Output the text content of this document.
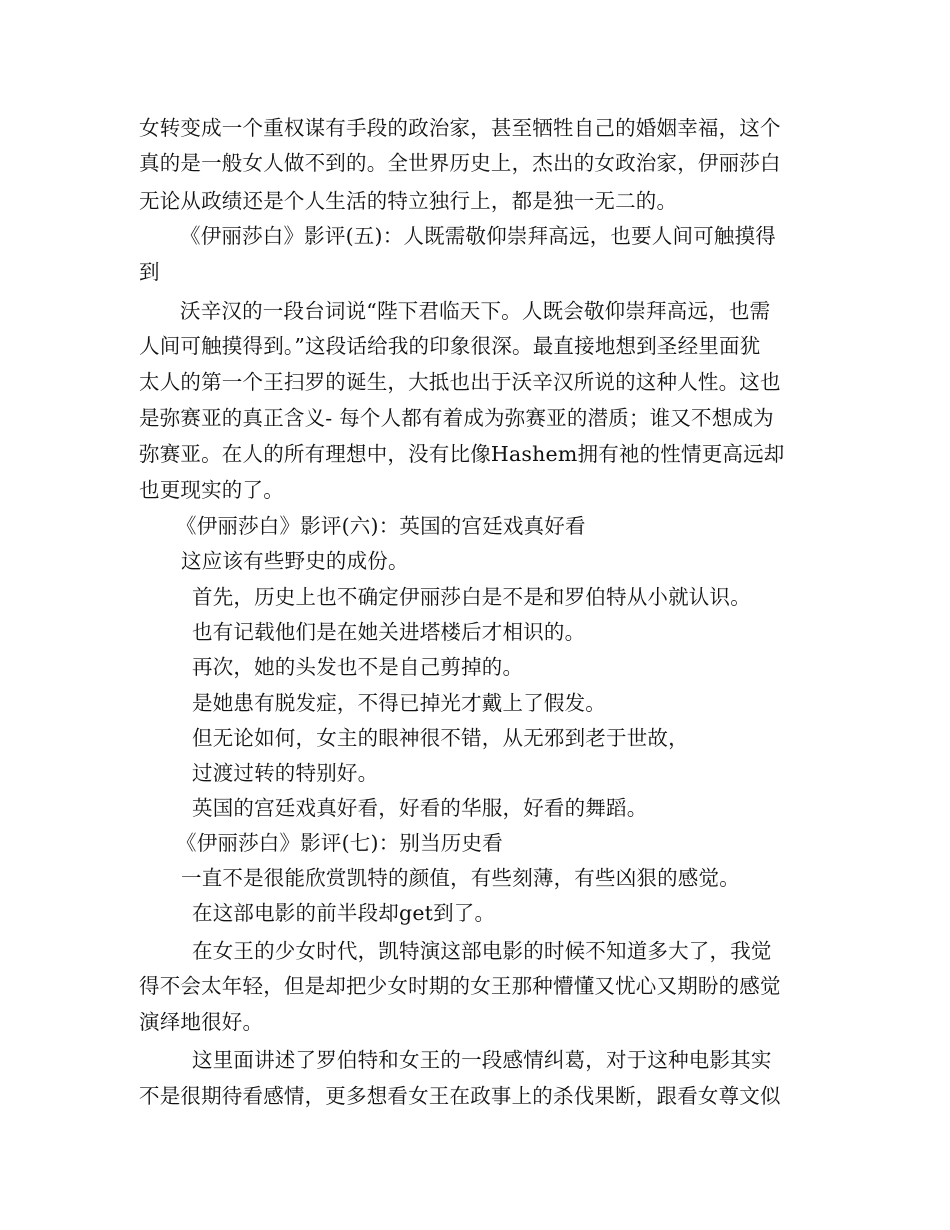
女转变成一个重权谋有手段的政治家，甚至牺牲自己的婚姻幸福，这个
真的是一般女人做不到的。全世界历史上，杰出的女政治家，伊丽莎白
无论从政绩还是个人生活的特立独行上，都是独一无二的。
《伊丽莎白》影评(五)：人既需敬仰崇拜高远，也要人间可触摸得
到
沃辛汉的一段台词说“陛下君临天下。人既会敬仰崇拜高远，也需
人间可触摸得到。”这段话给我的印象很深。最直接地想到圣经里面犹
太人的第一个王扫罗的诞生，大抵也出于沃辛汉所说的这种人性。这也
是弥赛亚的真正含义- 每个人都有着成为弥赛亚的潜质；谁又不想成为
弥赛亚。在人的所有理想中，没有比像Hashem拥有祂的性情更高远却
也更现实的了。
《伊丽莎白》影评(六)：英国的宫廷戏真好看
这应该有些野史的成份。
首先，历史上也不确定伊丽莎白是不是和罗伯特从小就认识。
也有记载他们是在她关进塔楼后才相识的。
再次，她的头发也不是自己剪掉的。
是她患有脱发症，不得已掉光才戴上了假发。
但无论如何，女主的眼神很不错，从无邪到老于世故，
过渡过转的特别好。
英国的宫廷戏真好看，好看的华服，好看的舞蹈。
《伊丽莎白》影评(七)：别当历史看
一直不是很能欣赏凯特的颜值，有些刻薄，有些凶狠的感觉。
在这部电影的前半段却get到了。
在女王的少女时代，凯特演这部电影的时候不知道多大了，我觉
得不会太年轻，但是却把少女时期的女王那种懵懂又忧心又期盼的感觉
演绎地很好。
这里面讲述了罗伯特和女王的一段感情纠葛，对于这种电影其实
不是很期待看感情，更多想看女王在政事上的杀伐果断，跟看女尊文似
